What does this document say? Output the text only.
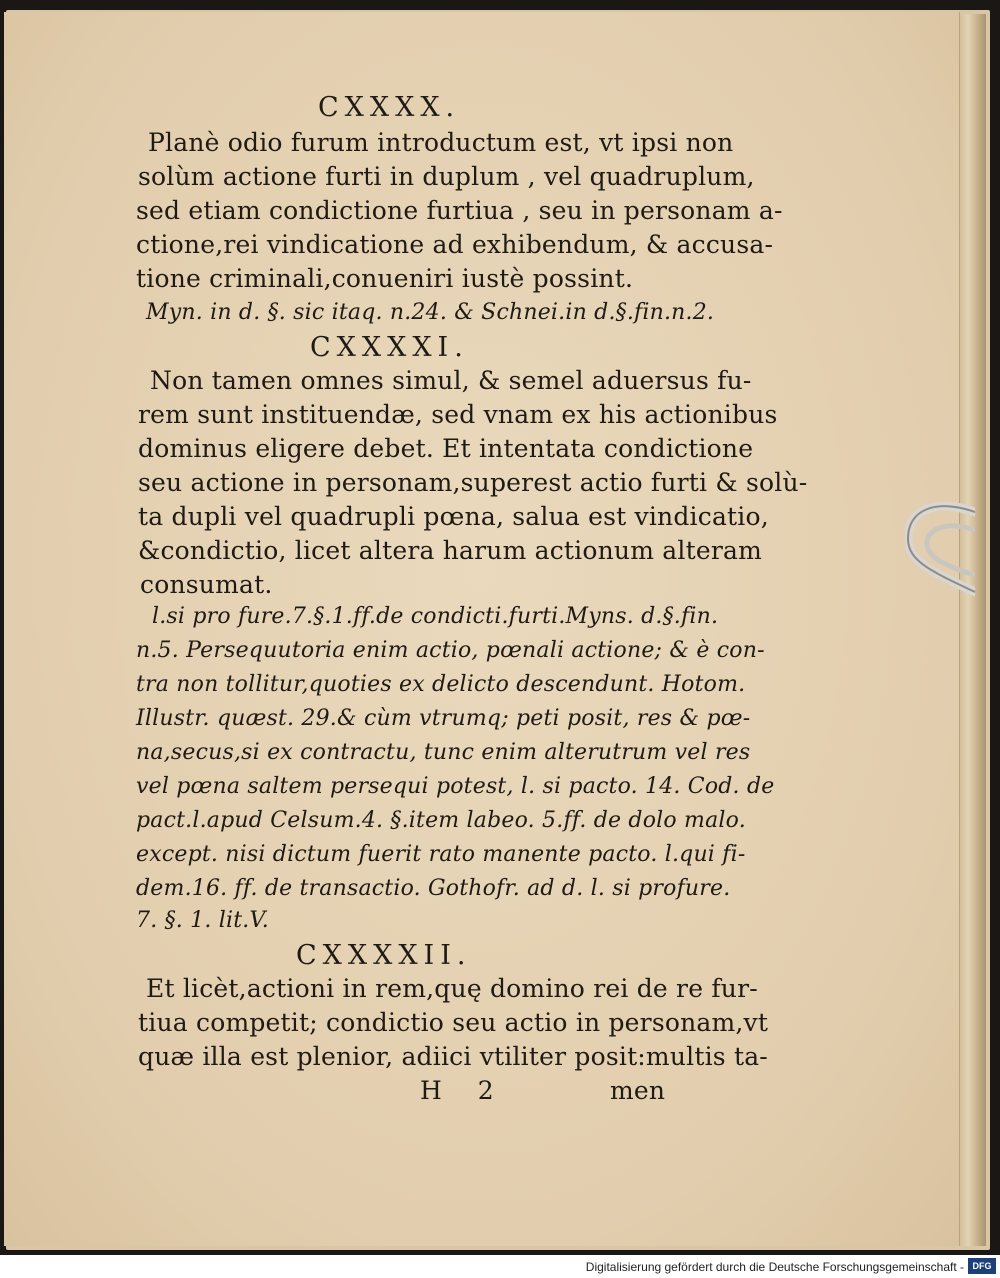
CXXXX.
Planè odio furum introductum est, vt ipsi non
solùm actione furti in duplum , vel quadruplum,
sed etiam condictione furtiua , seu in personam a-
ctione,rei vindicatione ad exhibendum, & accusa-
tione criminali,conueniri iustè possint.
Myn. in d. §. sic itaq. n.24. & Schnei.in d.§.fin.n.2.
CXXXXI.
Non tamen omnes simul, & semel aduersus fu-
rem sunt instituendæ, sed vnam ex his actionibus
dominus eligere debet. Et intentata condictione
seu actione in personam,superest actio furti & solù-
ta dupli vel quadrupli pœna, salua est vindicatio,
&condictio, licet altera harum actionum alteram
consumat.
l.si pro fure.7.§.1.ff.de condicti.furti.Myns. d.§.fin.
n.5. Persequutoria enim actio, pœnali actione; & è con-
tra non tollitur,quoties ex delicto descendunt. Hotom.
Illustr. quæst. 29.& cùm vtrumq; peti posit, res & pœ-
na,secus,si ex contractu, tunc enim alterutrum vel res
vel pœna saltem persequi potest, l. si pacto. 14. Cod. de
pact.l.apud Celsum.4. §.item labeo. 5.ff. de dolo malo.
except. nisi dictum fuerit rato manente pacto. l.qui fi-
dem.16. ff. de transactio. Gothofr. ad d. l. si profure.
7. §. 1. lit.V.
CXXXXII.
Et licèt,actioni in rem,quę domino rei de re fur-
tiua competit; condictio seu actio in personam,vt
quæ illa est plenior, adiici vtiliter posit:multis ta-
H 2	men
Digitalisierung gefördert durch die Deutsche Forschungsgemeinschaft - DFG
